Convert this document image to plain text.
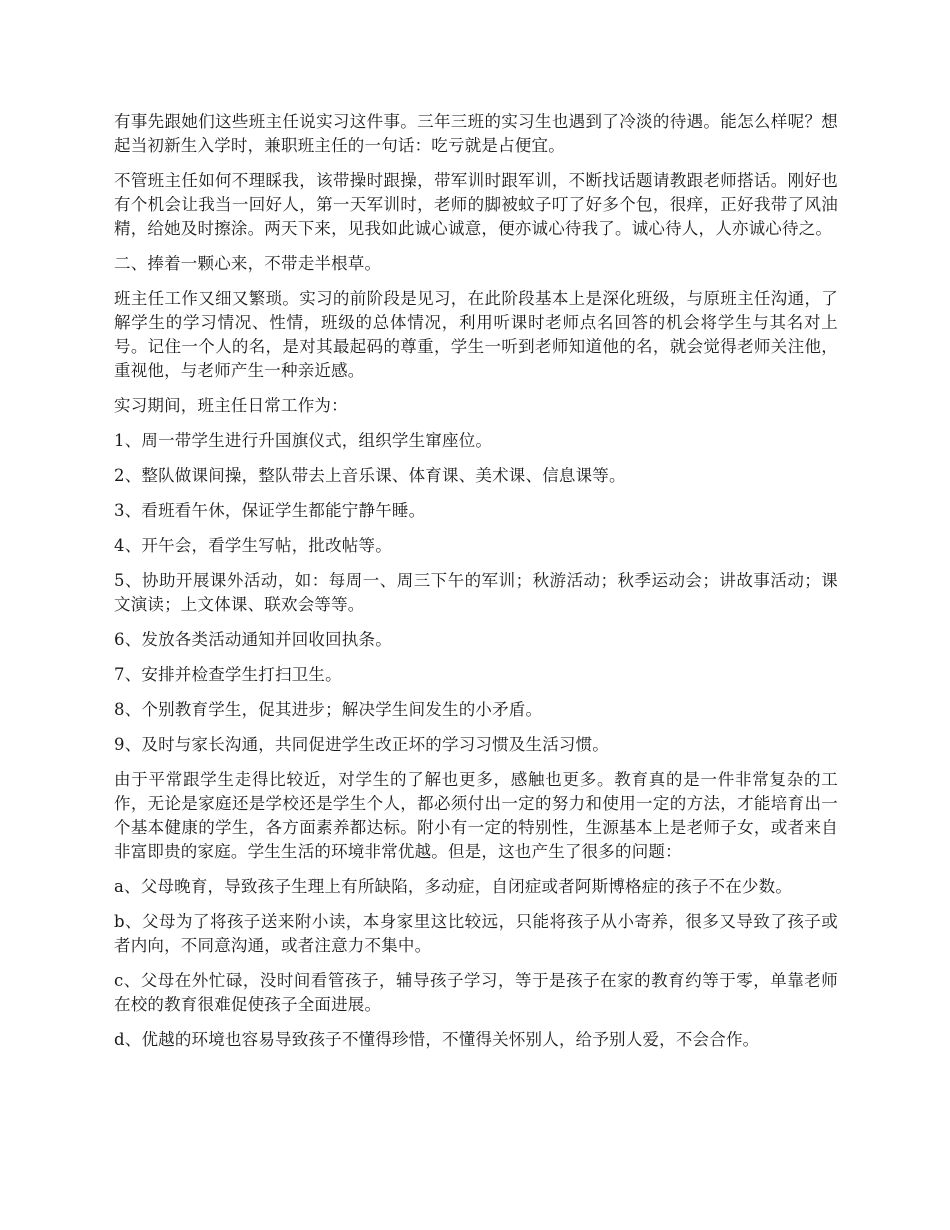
有事先跟她们这些班主任说实习这件事。三年三班的实习生也遇到了冷淡的待遇。能怎么样呢？想起当初新生入学时，兼职班主任的一句话：吃亏就是占便宜。

不管班主任如何不理睬我，该带操时跟操，带军训时跟军训，不断找话题请教跟老师搭话。刚好也有个机会让我当一回好人，第一天军训时，老师的脚被蚊子叮了好多个包，很痒，正好我带了风油精，给她及时擦涂。两天下来，见我如此诚心诚意，便亦诚心待我了。诚心待人，人亦诚心待之。

二、捧着一颗心来，不带走半根草。

班主任工作又细又繁琐。实习的前阶段是见习，在此阶段基本上是深化班级，与原班主任沟通，了解学生的学习情况、性情，班级的总体情况，利用听课时老师点名回答的机会将学生与其名对上号。记住一个人的名，是对其最起码的尊重，学生一听到老师知道他的名，就会觉得老师关注他，重视他，与老师产生一种亲近感。

实习期间，班主任日常工作为：

1、周一带学生进行升国旗仪式，组织学生窜座位。

2、整队做课间操，整队带去上音乐课、体育课、美术课、信息课等。

3、看班看午休，保证学生都能宁静午睡。

4、开午会，看学生写帖，批改帖等。

5、协助开展课外活动，如：每周一、周三下午的军训；秋游活动；秋季运动会；讲故事活动；课文演读；上文体课、联欢会等等。

6、发放各类活动通知并回收回执条。

7、安排并检查学生打扫卫生。

8、个别教育学生，促其进步；解决学生间发生的小矛盾。

9、及时与家长沟通，共同促进学生改正坏的学习习惯及生活习惯。

由于平常跟学生走得比较近，对学生的了解也更多，感触也更多。教育真的是一件非常复杂的工作，无论是家庭还是学校还是学生个人，都必须付出一定的努力和使用一定的方法，才能培育出一个基本健康的学生，各方面素养都达标。附小有一定的特别性，生源基本上是老师子女，或者来自非富即贵的家庭。学生生活的环境非常优越。但是，这也产生了很多的问题：

a、父母晚育，导致孩子生理上有所缺陷，多动症，自闭症或者阿斯博格症的孩子不在少数。

b、父母为了将孩子送来附小读，本身家里这比较远，只能将孩子从小寄养，很多又导致了孩子或者内向，不同意沟通，或者注意力不集中。

c、父母在外忙碌，没时间看管孩子，辅导孩子学习，等于是孩子在家的教育约等于零，单靠老师在校的教育很难促使孩子全面进展。

d、优越的环境也容易导致孩子不懂得珍惜，不懂得关怀别人，给予别人爱，不会合作。
